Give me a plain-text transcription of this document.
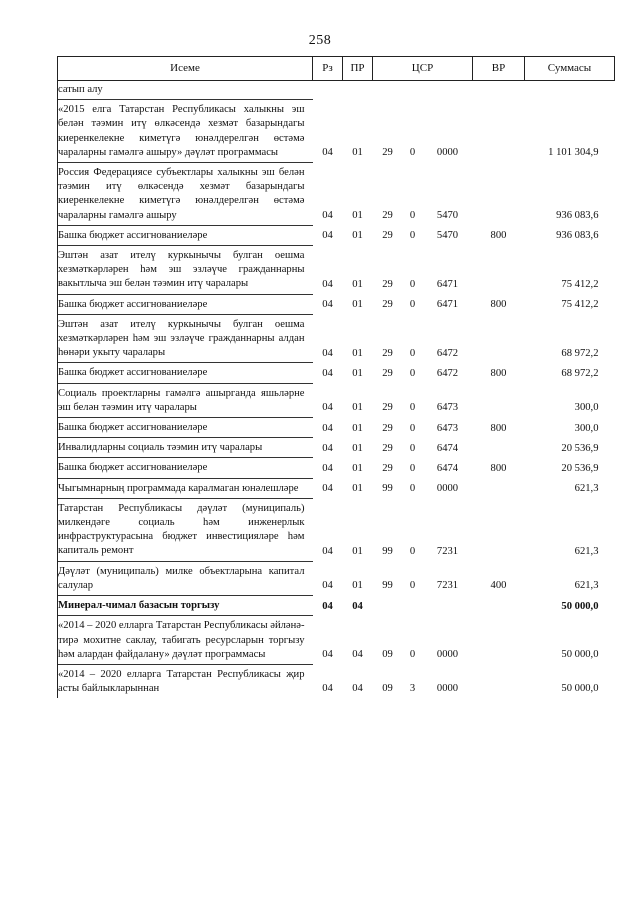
258
Исеме	Рз	ПР	ЦСР			ВР	Суммасы
сатып алу							
«2015 елга Татарстан Республикасы халыкны эш белән тәэмин итү өлкәсендә хезмәт базарындагы киеренкелекне киметүгә юнәлдерелгән өстәмә чараларны гамәлгә ашыру» дәүләт программасы	04	01	29	0	0000		1 101 304,9
Россия Федерациясе субъектлары халыкны эш белән тәэмин итү өлкәсендә хезмәт базарындагы киеренкелекне киметүгә юнәлдерелгән өстәмә чараларны гамәлгә ашыру	04	01	29	0	5470		936 083,6
Башка бюджет ассигнованиеләре	04	01	29	0	5470	800	936 083,6
Эштән азат ителү куркынычы булган оешма хезмәткәрләрен һәм эш эзләүче гражданнарны вакытлыча эш белән тәэмин итү чаралары	04	01	29	0	6471		75 412,2
Башка бюджет ассигнованиеләре	04	01	29	0	6471	800	75 412,2
Эштән азат ителү куркынычы булган оешма хезмәткәрләрен һәм эш эзләүче гражданнарны алдан һөнәри укыту чаралары	04	01	29	0	6472		68 972,2
Башка бюджет ассигнованиеләре	04	01	29	0	6472	800	68 972,2
Социаль проектларны гамәлгә ашырганда яшьләрне эш белән тәэмин итү чаралары	04	01	29	0	6473		300,0
Башка бюджет ассигнованиеләре	04	01	29	0	6473	800	300,0
Инвалидларны социаль тәэмин итү чаралары	04	01	29	0	6474		20 536,9
Башка бюджет ассигнованиеләре	04	01	29	0	6474	800	20 536,9
Чыгымнарның программада каралмаган юнәлешләре	04	01	99	0	0000		621,3
Татарстан Республикасы дәүләт (муниципаль) милкендәге социаль һәм инженерлык инфраструктурасына бюджет инвестицияләре һәм капиталь ремонт	04	01	99	0	7231		621,3
Дәүләт (муниципаль) милке объектларына капитал салулар	04	01	99	0	7231	400	621,3
Минерал-чимал базасын торгызу	04	04					50 000,0
«2014 – 2020 елларга Татарстан Республикасы әйләнә-тирә мохитне саклау, табигать ресурсларын торгызу һәм алардан файдалану» дәүләт программасы	04	04	09	0	0000		50 000,0
«2014 – 2020 елларга Татарстан Республикасы җир асты байлыкларыннан	04	04	09	3	0000		50 000,0
